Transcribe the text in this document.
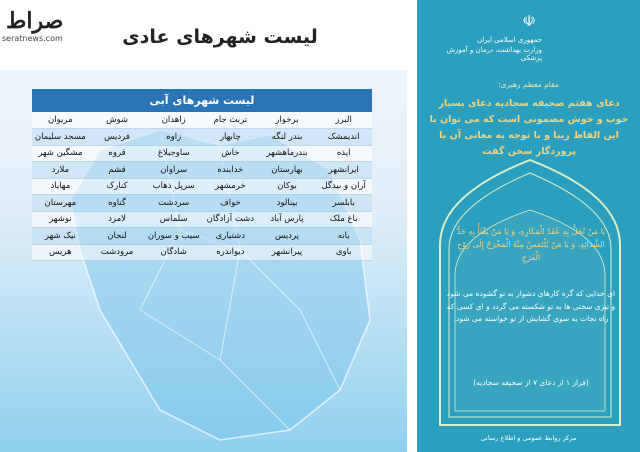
صراط
seratnews.com	لیست شهرهای عادی
لیست شهرهای آبی
البرز	برخوار	تربت جام	زاهدان	شوش	مریوان
اندیمشک	بندر لنگه	چابهار	زاوه	فردیس	مسجد سلیمان
ایذه	بندرماهشهر	خاش	ساوجبلاغ	قروه	مشگین شهر
ایرانشهر	بهارستان	خدابنده	سراوان	قشم	ملارد
آران و بیدگل	بوکان	خرمشهر	سرپل ذهاب	کنارک	مهاباد
بابلسر	بینالود	خواف	سردشت	گناوه	مهرستان
باغ ملک	پارس آباد	دشت آزادگان	سلماس	لامرد	نوشهر
بانه	پردیس	دشتیاری	سیب و سوران	لنجان	نیک شهر
باوی	پیرانشهر	دیواندره	شادگان	مرودشت	هریس
☫
جمهوری اسلامی ایران
وزارت بهداشت، درمان و آموزش پزشکی
مقام معظم رهبری:
دعای هفتم صحیفه سجادیه دعای بسیار خوب و خوش مضمونی است که می توان با این الفاظ زیبا و با توجه به معانی آن با پروردگار سخن گفت
یَا مَنْ تُحَلُّ بِهِ عُقَدُ الْمَکَارِهِ، وَ یَا مَنْ یَفْثَأُ بِهِ حَدُّ الشَّدَائِدِ، وَ یَا مَنْ یُلْتَمَسُ مِنْهُ الْمَخْرَجُ إِلَی رَوْحِ الْفَرَجِ
ای خدایی که گره کارهای دشوار به تو گشوده می شود و تیزی سختی ها به تو شکسته می گردد و ای کسی که راه نجات به سوی گشایش از تو خواسته می شود.
(فراز ۱ از دعای ۷ از صحیفه سجادیه)
مرکز روابط عمومی و اطلاع رسانی
